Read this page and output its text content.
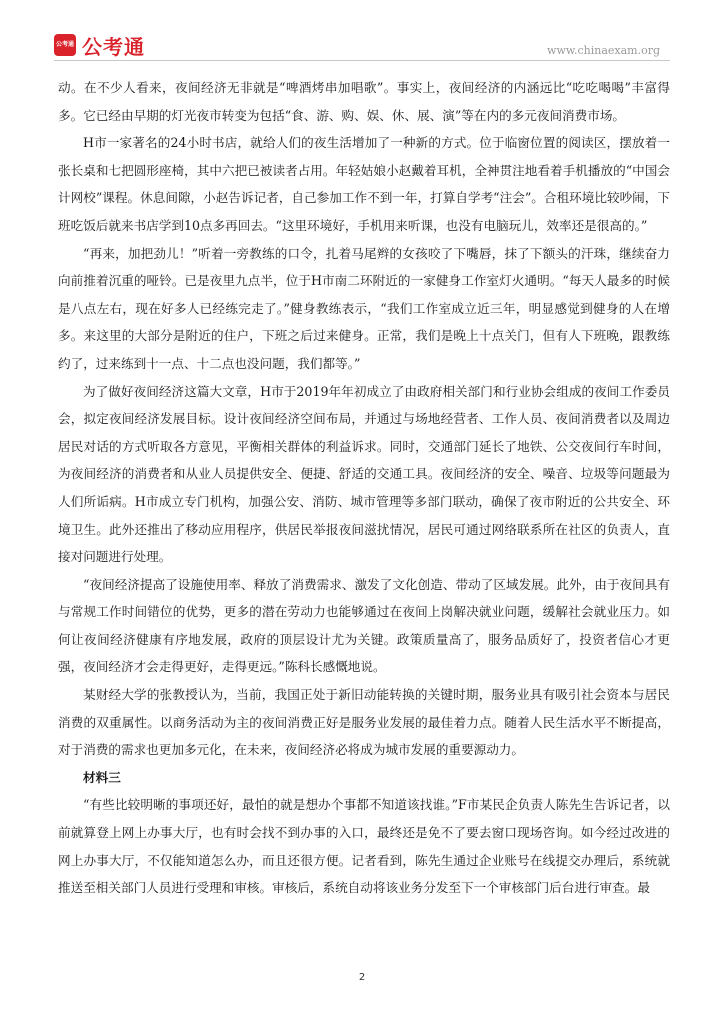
公考通 公考通	www.chinaexam.org

动。在不少人看来，夜间经济无非就是“啤酒烤串加唱歌”。事实上，夜间经济的内涵远比“吃吃喝喝”丰富得多。它已经由早期的灯光夜市转变为包括“食、游、购、娱、休、展、演”等在内的多元夜间消费市场。

H市一家著名的24小时书店，就给人们的夜生活增加了一种新的方式。位于临窗位置的阅读区，摆放着一张长桌和七把圆形座椅，其中六把已被读者占用。年轻姑娘小赵戴着耳机，全神贯注地看着手机播放的“中国会计网校”课程。休息间隙，小赵告诉记者，自己参加工作不到一年，打算自学考“注会”。合租环境比较吵闹，下班吃饭后就来书店学到10点多再回去。“这里环境好，手机用来听课，也没有电脑玩儿，效率还是很高的。”

“再来，加把劲儿！”听着一旁教练的口令，扎着马尾辫的女孩咬了下嘴唇，抹了下额头的汗珠，继续奋力向前推着沉重的哑铃。已是夜里九点半，位于H市南二环附近的一家健身工作室灯火通明。“每天人最多的时候是八点左右，现在好多人已经练完走了。”健身教练表示，“我们工作室成立近三年，明显感觉到健身的人在增多。来这里的大部分是附近的住户，下班之后过来健身。正常，我们是晚上十点关门，但有人下班晚，跟教练约了，过来练到十一点、十二点也没问题，我们都等。”

为了做好夜间经济这篇大文章，H市于2019年年初成立了由政府相关部门和行业协会组成的夜间工作委员会，拟定夜间经济发展目标。设计夜间经济空间布局，并通过与场地经营者、工作人员、夜间消费者以及周边居民对话的方式听取各方意见，平衡相关群体的利益诉求。同时，交通部门延长了地铁、公交夜间行车时间，为夜间经济的消费者和从业人员提供安全、便捷、舒适的交通工具。夜间经济的安全、噪音、垃圾等问题最为人们所诟病。H市成立专门机构，加强公安、消防、城市管理等多部门联动，确保了夜市附近的公共安全、环境卫生。此外还推出了移动应用程序，供居民举报夜间滋扰情况，居民可通过网络联系所在社区的负责人，直接对问题进行处理。

“夜间经济提高了设施使用率、释放了消费需求、激发了文化创造、带动了区域发展。此外，由于夜间具有与常规工作时间错位的优势，更多的潜在劳动力也能够通过在夜间上岗解决就业问题，缓解社会就业压力。如何让夜间经济健康有序地发展，政府的顶层设计尤为关键。政策质量高了，服务品质好了，投资者信心才更强，夜间经济才会走得更好，走得更远。”陈科长感慨地说。

某财经大学的张教授认为，当前，我国正处于新旧动能转换的关键时期，服务业具有吸引社会资本与居民消费的双重属性。以商务活动为主的夜间消费正好是服务业发展的最佳着力点。随着人民生活水平不断提高，对于消费的需求也更加多元化，在未来，夜间经济必将成为城市发展的重要源动力。

材料三

“有些比较明晰的事项还好，最怕的就是想办个事都不知道该找谁。”F市某民企负责人陈先生告诉记者，以前就算登上网上办事大厅，也有时会找不到办事的入口，最终还是免不了要去窗口现场咨询。如今经过改进的网上办事大厅，不仅能知道怎么办，而且还很方便。记者看到，陈先生通过企业账号在线提交办理后，系统就推送至相关部门人员进行受理和审核。审核后，系统自动将该业务分发至下一个审核部门后台进行审查。最

2
